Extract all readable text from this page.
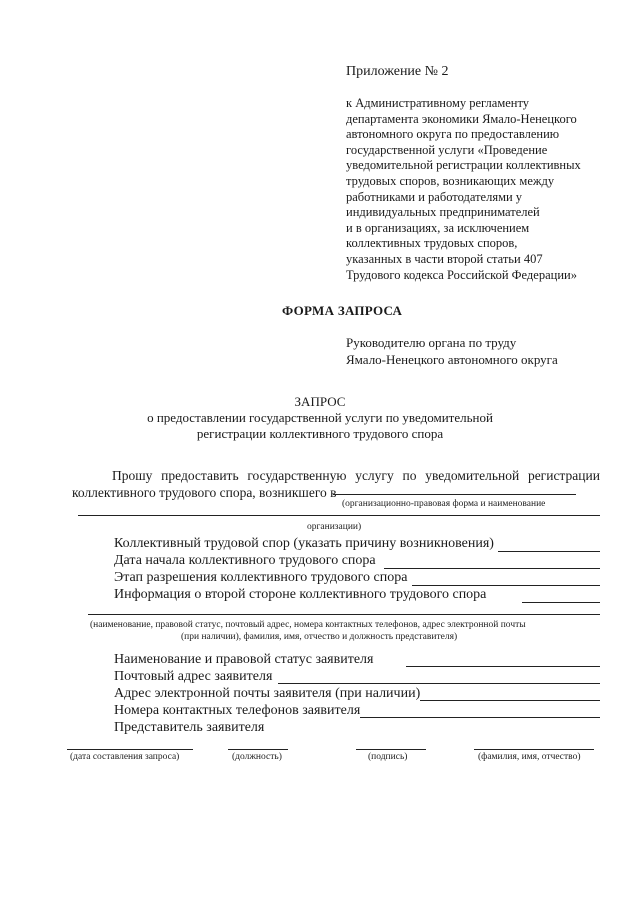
Приложение № 2
к Административному регламенту
департамента экономики Ямало-Ненецкого
автономного округа по предоставлению
государственной услуги «Проведение
уведомительной регистрации коллективных
трудовых споров, возникающих между
работниками и работодателями у
индивидуальных предпринимателей
и в организациях, за исключением
коллективных трудовых споров,
указанных в части второй статьи 407
Трудового кодекса Российской Федерации»
ФОРМА ЗАПРОСА
Руководителю органа по труду
Ямало-Ненецкого автономного округа
ЗАПРОС
о предоставлении государственной услуги по уведомительной
регистрации коллективного трудового спора
Прошу предоставить государственную услугу по уведомительной регистрации
коллективного трудового спора, возникшего в
(организационно-правовая форма и наименование
организации)
Коллективный трудовой спор (указать причину возникновения)
Дата начала коллективного трудового спора
Этап разрешения коллективного трудового спора
Информация о второй стороне коллективного трудового спора
(наименование, правовой статус, почтовый адрес, номера контактных телефонов, адрес электронной почты
(при наличии), фамилия, имя, отчество и должность представителя)
Наименование и правовой статус заявителя
Почтовый адрес заявителя
Адрес электронной почты заявителя (при наличии)
Номера контактных телефонов заявителя
Представитель заявителя
(дата составления запроса)	(должность)	(подпись)	(фамилия, имя, отчество)
